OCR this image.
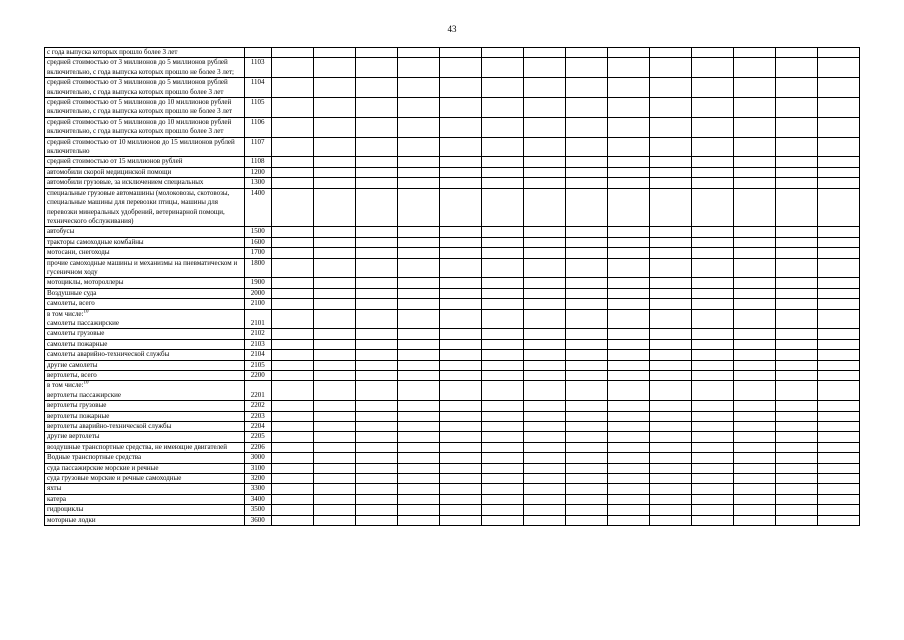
43
с года выпуска которых прошло более 3 лет															
средней стоимостью от 3 миллионов до 5 миллионов рублей включительно, с года выпуска которых прошло не более 3 лет;	1103														
средней стоимостью от 3 миллионов до 5 миллионов рублей включительно, с года выпуска которых прошло более 3 лет	1104														
средней стоимостью от 5 миллионов до 10 миллионов рублей включительно, с года выпуска которых прошло не более 3 лет	1105														
средней стоимостью от 5 миллионов до 10 миллионов рублей включительно, с года выпуска которых прошло более 3 лет	1106														
средней стоимостью от 10 миллионов до 15 миллионов рублей включительно	1107														
средней стоимостью от 15 миллионов рублей	1108														
автомобили скорой медицинской помощи	1200														
автомобили грузовые, за исключением специальных	1300														
специальные грузовые автомашины (молоковозы, скотовозы, специальные машины для перевозки птицы, машины для перевозки минеральных удобрений, ветеринарной помощи, технического обслуживания)	1400														
автобусы	1500														
тракторы самоходные комбайны	1600														
мотосани, снегоходы	1700														
прочие самоходные машины и механизмы на пневматическом и гусеничном ходу	1800														
мотоциклы, мотороллеры	1900														
Воздушные суда	2000														
самолеты, всего	2100														
в том числе:$^{10}$
самолеты пассажирские	2101														
самолеты грузовые	2102														
самолеты пожарные	2103														
самолеты аварийно-технической службы	2104														
другие самолеты	2105														
вертолеты, всего	2200														
в том числе:$^{10}$
вертолеты пассажирские	2201														
вертолеты грузовые	2202														
вертолеты пожарные	2203														
вертолеты аварийно-технической службы	2204														
другие вертолеты	2205														
воздушные транспортные средства, не имеющие двигателей	2206														
Водные транспортные средства	3000														
суда пассажирские морские и речные	3100														
суда грузовые морские и речные самоходные	3200														
яхты	3300														
катера	3400														
гидроциклы	3500														
моторные лодки	3600														
